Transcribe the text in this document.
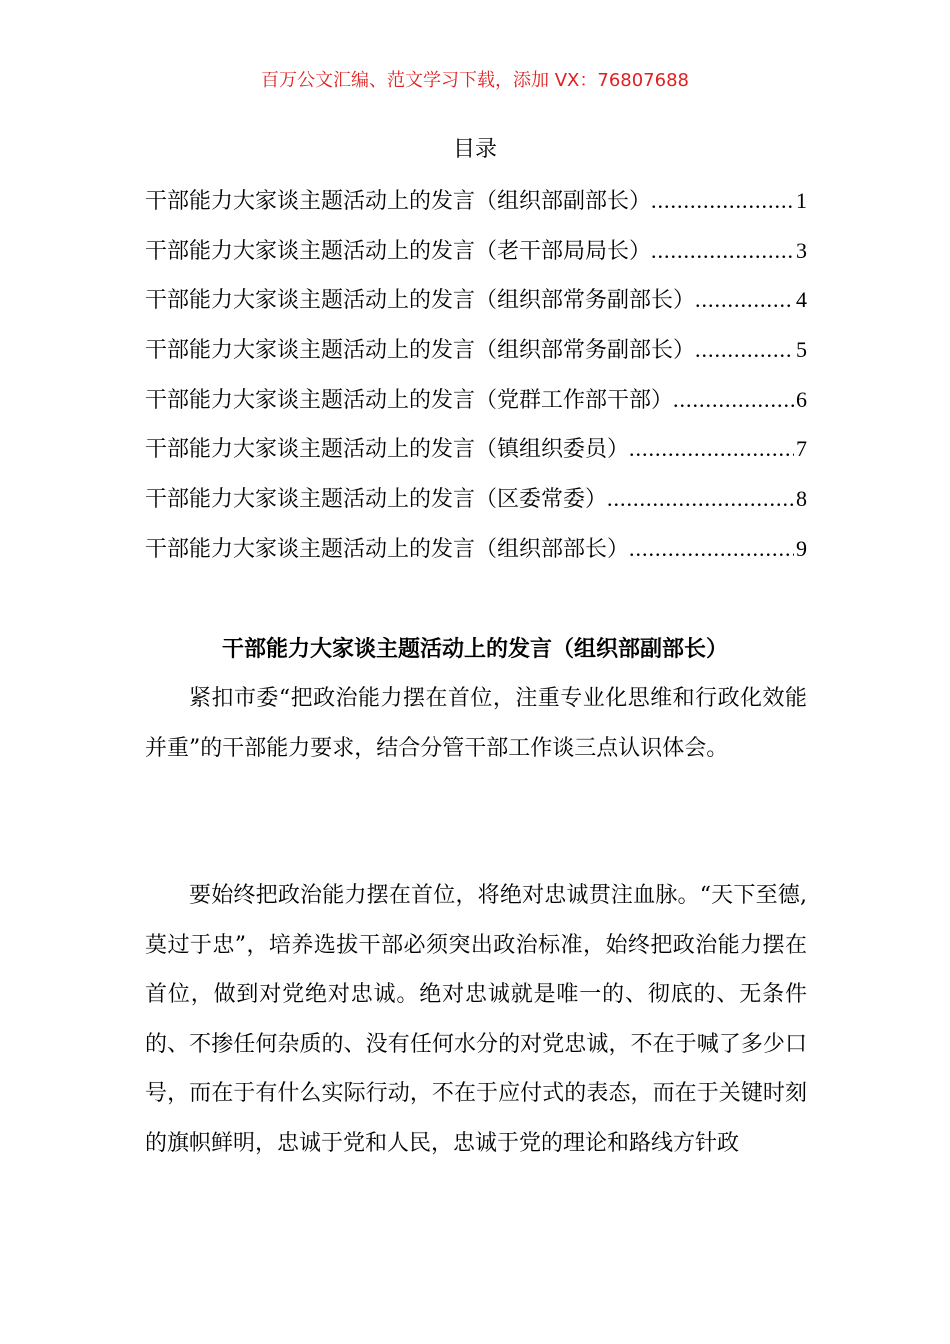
百万公文汇编、范文学习下载，添加 VX：76807688
目录
干部能力大家谈主题活动上的发言（组织部副部长） .....	1
干部能力大家谈主题活动上的发言（老干部局局长） .....	3
干部能力大家谈主题活动上的发言（组织部常务副部长） .....	4
干部能力大家谈主题活动上的发言（组织部常务副部长） .....	5
干部能力大家谈主题活动上的发言（党群工作部干部） .....	6
干部能力大家谈主题活动上的发言（镇组织委员） .....	7
干部能力大家谈主题活动上的发言（区委常委） .....	8
干部能力大家谈主题活动上的发言（组织部部长） .....	9
干部能力大家谈主题活动上的发言（组织部副部长）

紧扣市委“把政治能力摆在首位，注重专业化思维和行政化效能并重”的干部能力要求，结合分管干部工作谈三点认识体会。

要始终把政治能力摆在首位，将绝对忠诚贯注血脉。“天下至德,莫过于忠”，培养选拔干部必须突出政治标准，始终把政治能力摆在首位，做到对党绝对忠诚。绝对忠诚就是唯一的、彻底的、无条件的、不掺任何杂质的、没有任何水分的对党忠诚，不在于喊了多少口号，而在于有什么实际行动，不在于应付式的表态，而在于关键时刻的旗帜鲜明，忠诚于党和人民，忠诚于党的理论和路线方针政
